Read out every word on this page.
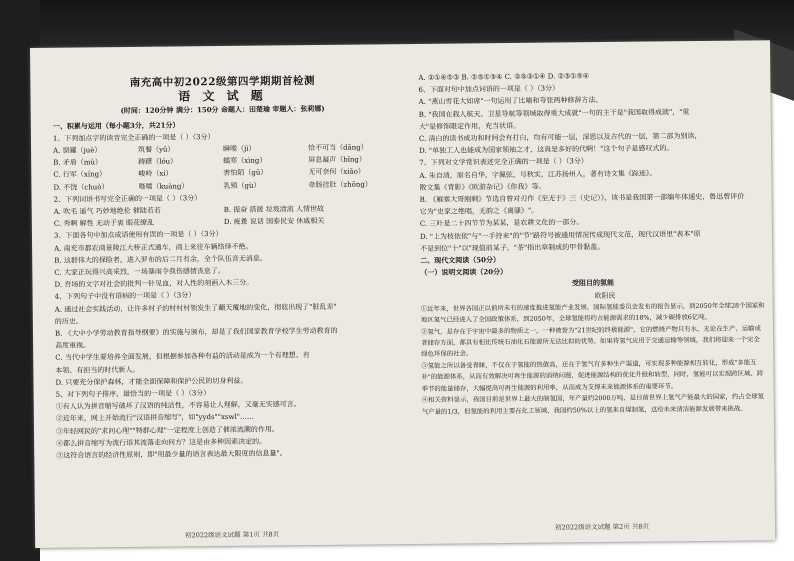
南充高中初2022级第四学期期首检测
语 文 试 题
(时间：120分钟 满分：150分 命题人：田楚瑜 审题人：张莉娜)
一、积累与运用（每小题3分，共21分）
1、下列加点字的读音完全正确的一项是（ ）（3分）
A. 窗罐（juè）	筑餐（yǔ）	瞬喉（jì）	恰不可当（dǎng）
B. 矛盾（mù）	踌躇（lóu）	蠕寒（xìng）	屏息凝声（bǐng）
C. 行军（xíng）	峻岭（xí）	害怕陌（gǔ）	无可奈何（xiǎo）
D. 不饶（chuò）	嗫嚅（kuàng）	乳殖（gù）	牵肠挂肚（zhōng）
2、下列词语书写完全正确的一项是（ ）（3分）
A. 吹毛 遥气 巧妙地绝伦 催陆若若	B. 振奋 搭援 垃圾清流 人情世故
C. 秀啊 解性 无动于衷 眼花缭乱	D. 疲惫 说话 国泰民安 休戚相关
3、下面各句中加点成语使用有误的一项是（ ）（3分）
A. 南充市都农商景陵江大桥正式通车，商上来往车辆络绎不绝。
B. 这群伟大的探险者，进入罗布的后二月有余，全个队伍音无消息。
C. 大家正玩得兴高采烈，一场暴雨令我伤感情丧息了。
D. 吾场的文字对社会的批判一针见血，对人性的刻画入木三分。
4、下列句子中没有语病的一项是（ ）（3分）
A. 通过社会实践活动，让许多村子的村村村领发生了翻天覆地的变化，彻底出现了"脏乱差"
的历史。
B. 《大中小学劳动教育指导纲要》的实施与颁布，却是了我们国家教育学校学生劳动教育的
高度重视。
C. 当代中学生要培养全面发展，但根据参加各种有益的活动是成为一个有理想、有
本领、有担当的时代新人。
D. 只要充分保护森林，才能全面保障和保护公民的切身利益。
5、对下列句子排序，最恰当的一项是（ ）（3分）
①有人认为拼音缩写破坏了汉语的纯洁性，不容易让人理解，又毫无实感可言。
②近年来，网上开始流行"汉语拼音缩写"，如"yyds""xswl"……
③年轻网民的"求问心理""特群心理"一定程度上创造了催浓流潮的作用。
④都么拼音缩写为流行语其流落走向何方？这是由多种因素决定的。
⑤这符合语言的经济性原则，即"用最少量的语言表达最大限度的信息量"。
A. ②①④⑤③ B. ②⑤①③④ C. ②⑤③①④ D. ②③①⑤④
6、下面对句中加点词语的一项是（ ）（3分）
A. "燕山雪花大如席"一句运用了比喻和夸张两种修辞方法。
B. "我国在载人航天、卫星导航等领域取得重大成就"一句的主干是"我国取得成就"，"重
大"是修饰限定作用，充当状语。
C. 清白的读书成功和时间会有打白，均有可能一层，深思以及古代的一层，第二部为别读，
D. "单独工人也能成为国家领袖之才，这真是多好的代啊！"这个句子是感叹式的。
7、下列对文学常识表述完全正确的一项是（ ）（3分）
A. 朱自清，原名自华，字佩弦，号秋实，江苏扬州人，著有诗文集《踪迹》。
散文集《背影》《欧游杂记》《你我》等。
B. 《雁塞大哥刚剩》节选自曾对刃作《至无于》三（史记）》，该书是我国第一部编年体通史，鲁迅曾评价
它为"史家之绝唱，无韵之《离骚》"。
C. 三叶是二十四节节为某某，是农耕文化的一部分。
D. "上为枝依依"与"一手持来"的"节"路符号被通用情况传成现代文范，现代汉语里"表本"原
不是到位"十"以"现值前某子，"茶"指出章制成的甲骨黏盖。
二、现代文阅读（50分）
（一）说明文阅读（20分）
受阻目的氢能
欧阳民
①近年来，世界各国正以前所未有的速度推进氢能产业发展，国际氢能委员会发布的报告显示，到2050年全球28个国家和地区氢气已经进入了全国政策体系，到2050年，全球氢能将约占能源需求的18%，减少碳排放6亿吨。
②氢气，是存在于宇宙中最多的物质之一，一种被誉为"21世纪的终极能源"，它的燃烧产物只有水，无论在生产、运输或者储存方面，都具有相比传统石油化石能源所无法比拟的优势。如果将氢气应用于交通运输等领域，我们将迎来一个完全绿色环保的社会。
③氢能之所以备受青睐，不仅在于氢能的热值高，还在于氢气有多种生产渠道，可实现多种能源相互转化，形成"多能互补"的能源体系，从而有效解决可再生能源的消纳问题，促进能源结构的优化升级和转型，同时，氢能可以实现跨区域、跨季节的能量储存，大幅提高可再生能源的利用率，从而成为支撑未来能源体系的重要环节。
④相关资料显示，我国目前是世界上最大的制氢国，年产量约2000万吨，是目前世界上氢气产能最大的国家，约占全球氢气产量的1/3，但氢能的利用主要在化工领域，我国约50%以上的氢来自煤制氢，这给未来清洁能源发展带来挑战。
初2022级语文试题 第1页 共8页
初2022级语文试题 第2页 共8页
